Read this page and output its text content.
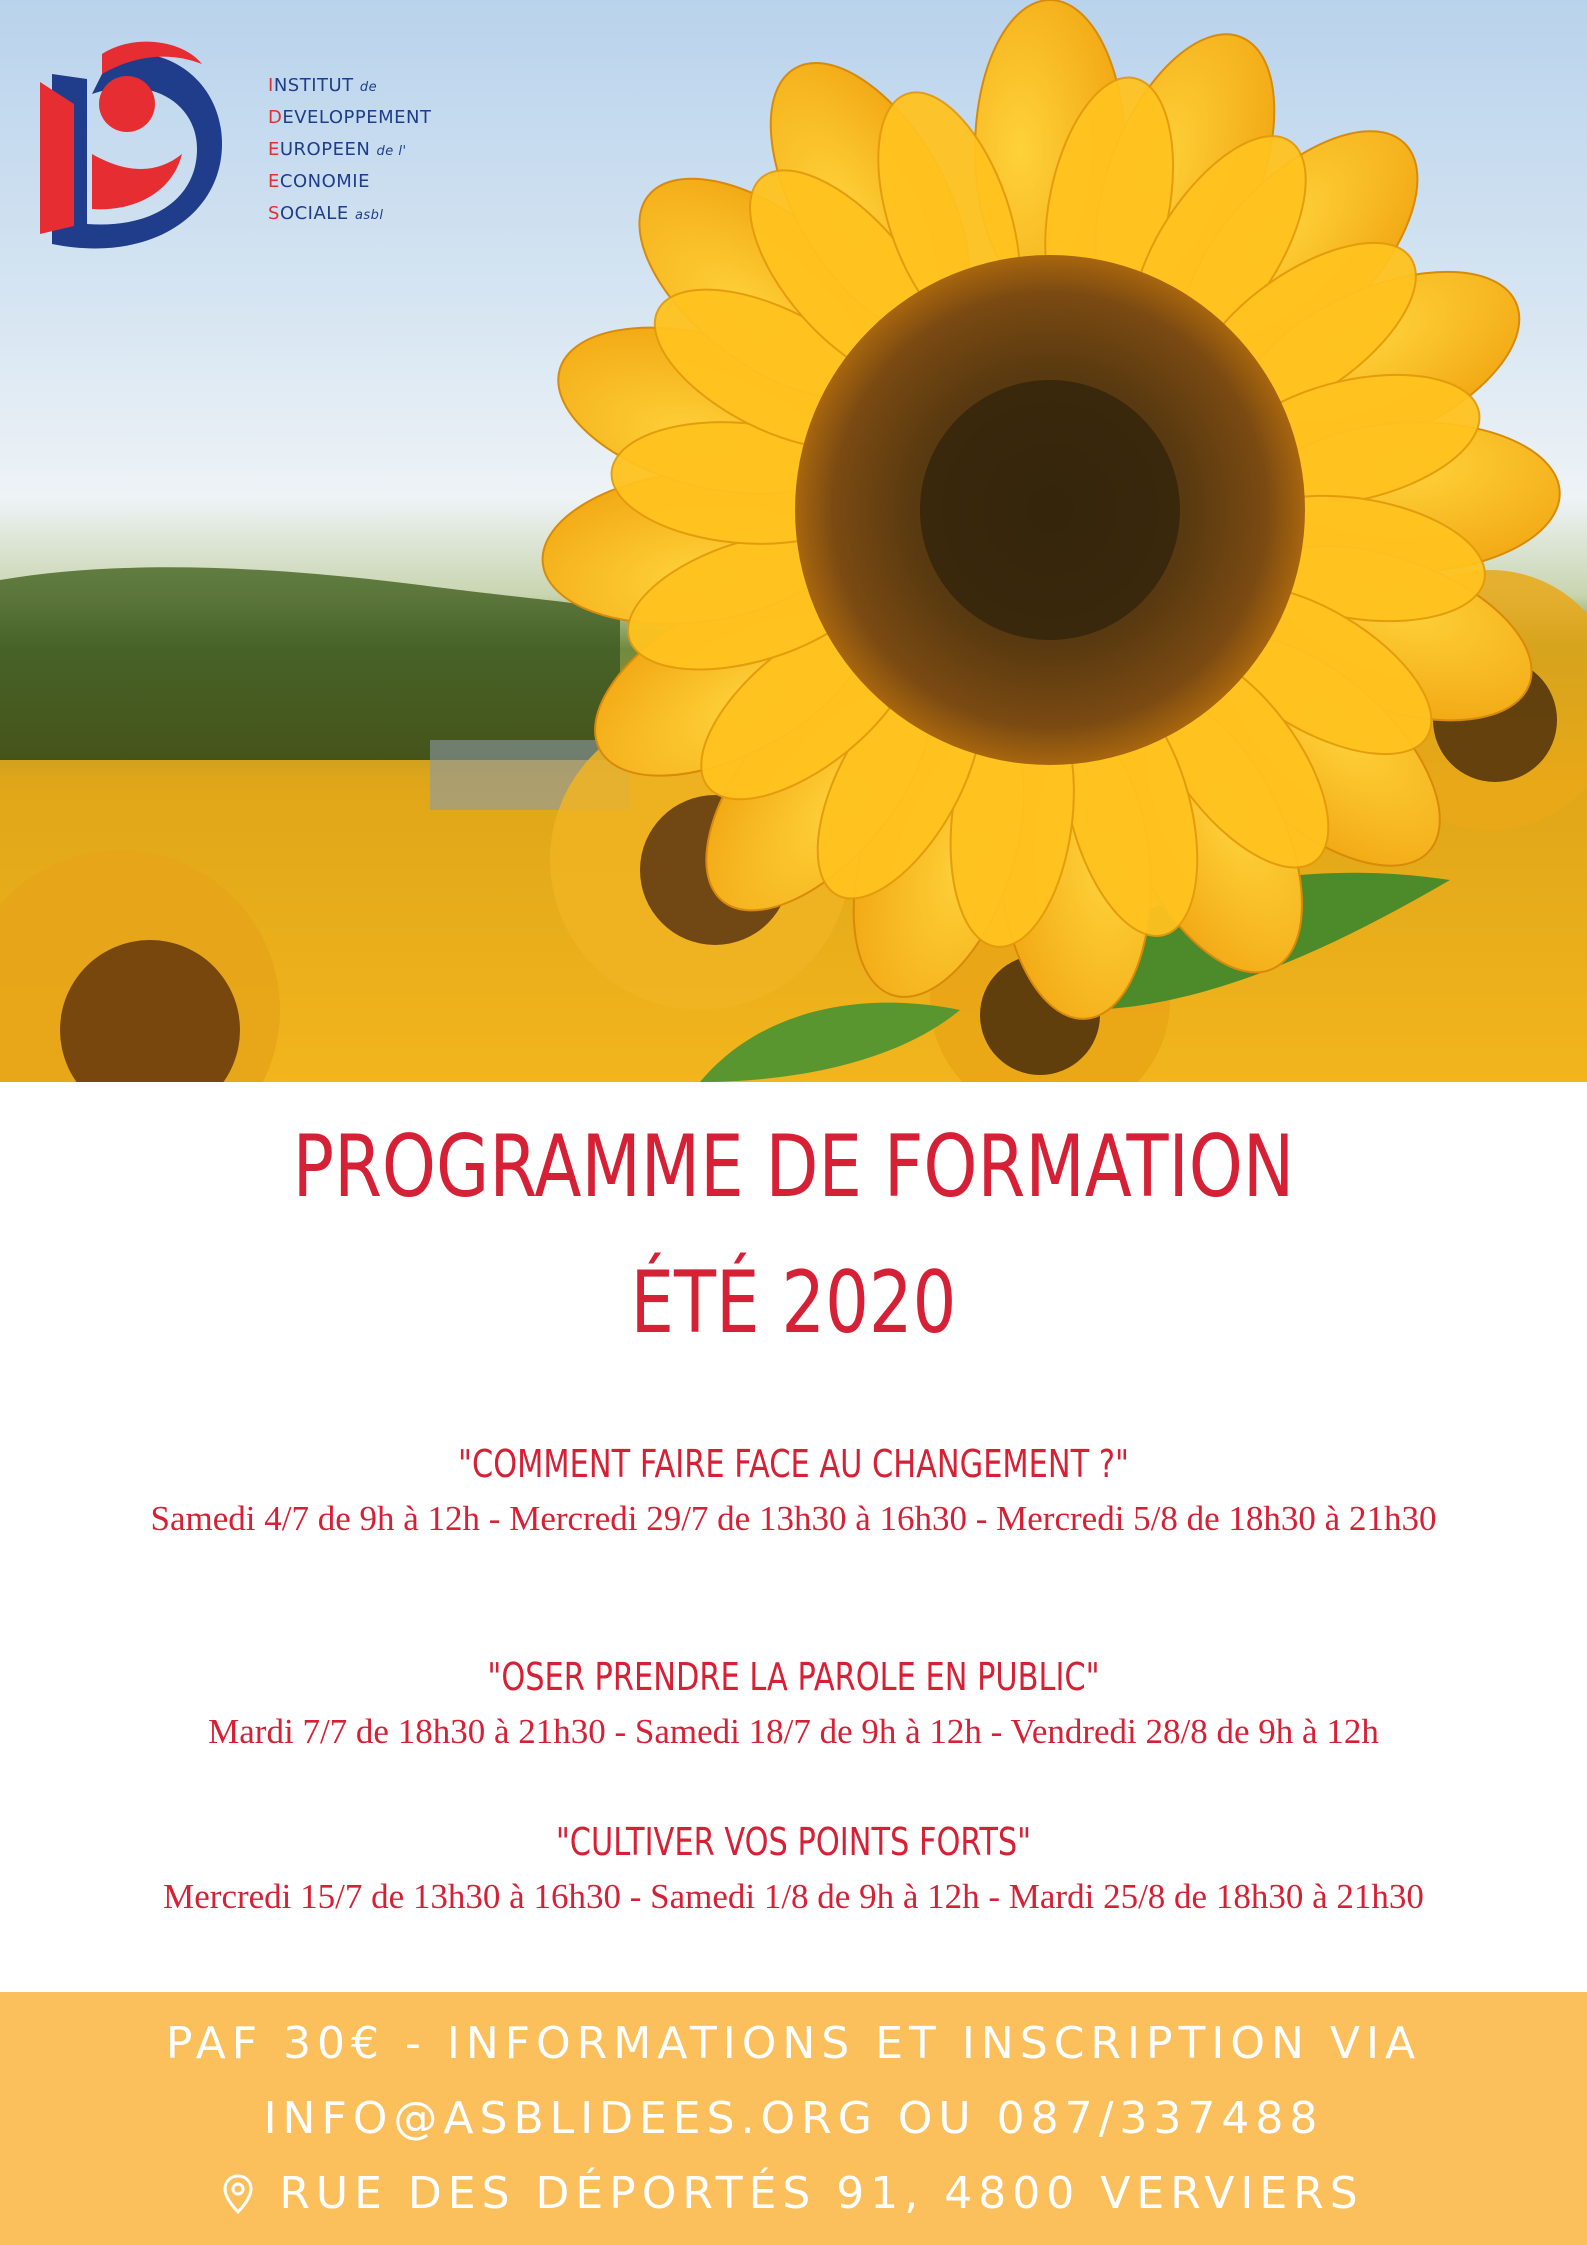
INSTITUT de
DEVELOPPEMENT
EUROPEEN de l'
ECONOMIE
SOCIALE asbl
PROGRAMME DE FORMATION
ÉTÉ 2020
"COMMENT FAIRE FACE AU CHANGEMENT ?"
Samedi 4/7 de 9h à 12h - Mercredi 29/7 de 13h30 à 16h30 - Mercredi 5/8 de 18h30 à 21h30
"OSER PRENDRE LA PAROLE EN PUBLIC"
Mardi 7/7 de 18h30 à 21h30 - Samedi 18/7 de 9h à 12h - Vendredi 28/8 de 9h à 12h
"CULTIVER VOS POINTS FORTS"
Mercredi 15/7 de 13h30 à 16h30 - Samedi 1/8 de 9h à 12h - Mardi 25/8 de 18h30 à 21h30
PAF 30€ - INFORMATIONS ET INSCRIPTION VIA
INFO@ASBLIDEES.ORG OU 087/337488
RUE DES DÉPORTÉS 91, 4800 VERVIERS
